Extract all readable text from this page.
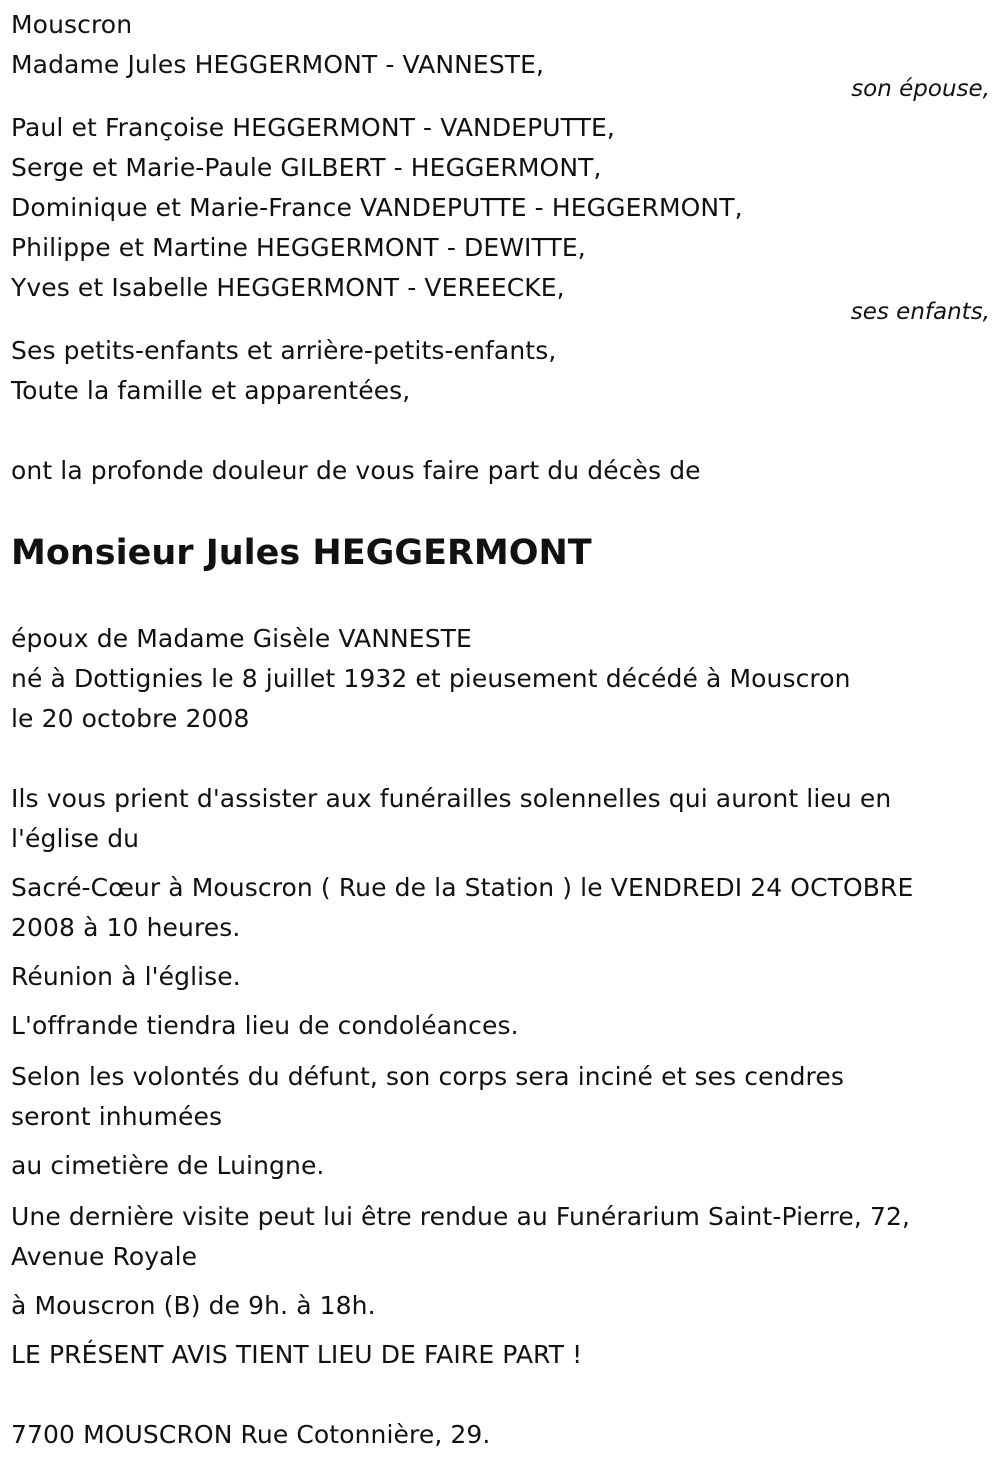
Mouscron
Madame Jules HEGGERMONT - VANNESTE,
son épouse,
Paul et Françoise HEGGERMONT - VANDEPUTTE,
Serge et Marie-Paule GILBERT - HEGGERMONT,
Dominique et Marie-France VANDEPUTTE - HEGGERMONT,
Philippe et Martine HEGGERMONT - DEWITTE,
Yves et Isabelle HEGGERMONT - VEREECKE,
ses enfants,
Ses petits-enfants et arrière-petits-enfants,
Toute la famille et apparentées,
ont la profonde douleur de vous faire part du décès de
Monsieur Jules HEGGERMONT
époux de Madame Gisèle VANNESTE
né à Dottignies le 8 juillet 1932 et pieusement décédé à Mouscron
le 20 octobre 2008
Ils vous prient d'assister aux funérailles solennelles qui auront lieu en
l'église du
Sacré-Cœur à Mouscron ( Rue de la Station ) le VENDREDI 24 OCTOBRE
2008 à 10 heures.
Réunion à l'église.
L'offrande tiendra lieu de condoléances.
Selon les volontés du défunt, son corps sera inciné et ses cendres
seront inhumées
au cimetière de Luingne.
Une dernière visite peut lui être rendue au Funérarium Saint-Pierre, 72,
Avenue Royale
à Mouscron (B) de 9h. à 18h.
LE PRÉSENT AVIS TIENT LIEU DE FAIRE PART !
7700 MOUSCRON Rue Cotonnière, 29.
